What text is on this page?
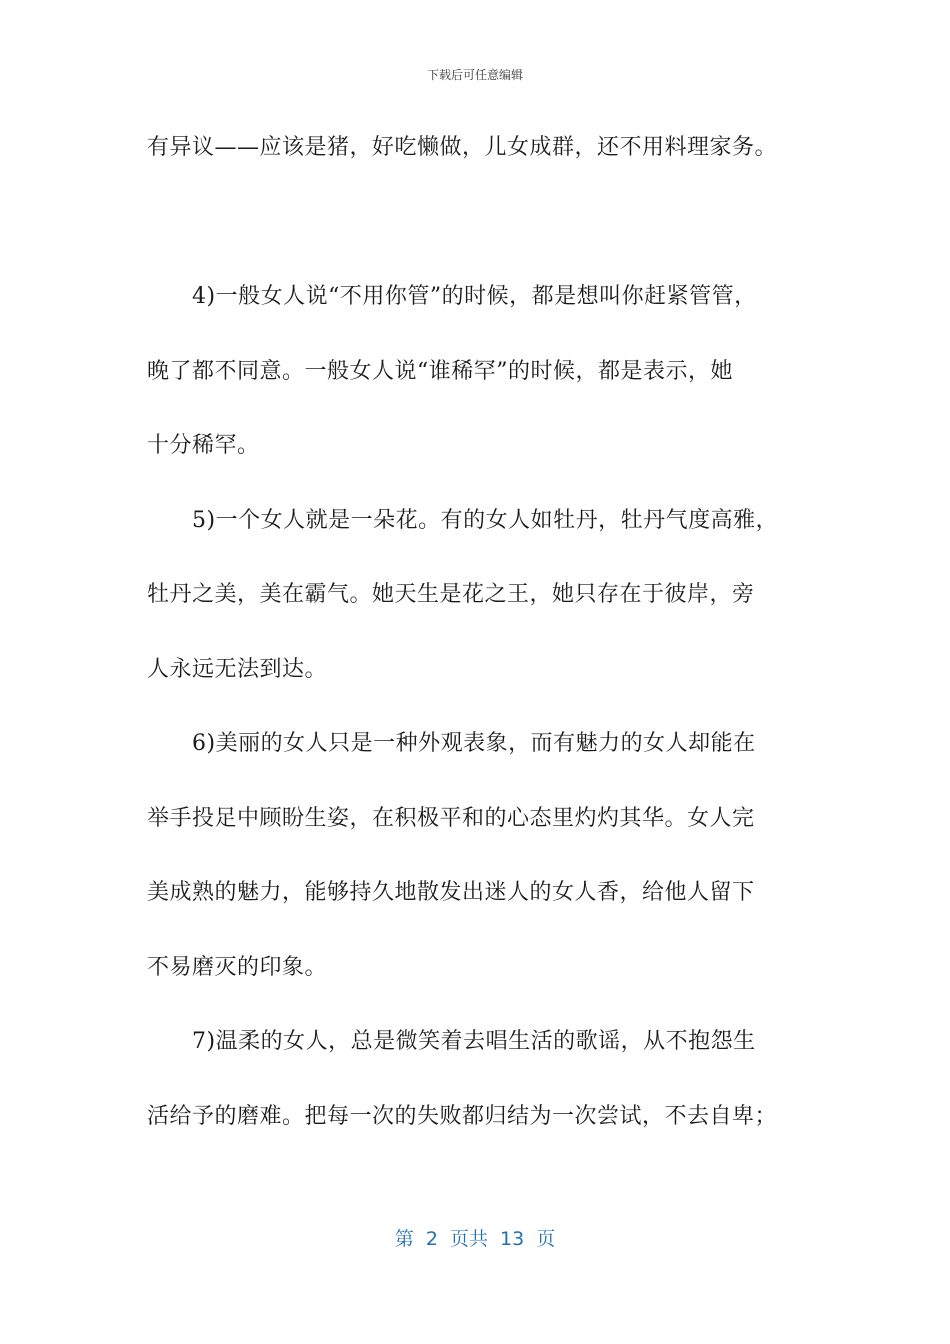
下载后可任意编辑
有异议——应该是猪，好吃懒做，儿女成群，还不用料理家务。
　　4)一般女人说“不用你管”的时候，都是想叫你赶紧管管，
晚了都不同意。一般女人说“谁稀罕”的时候，都是表示，她
十分稀罕。
　　5)一个女人就是一朵花。有的女人如牡丹，牡丹气度高雅，
牡丹之美，美在霸气。她天生是花之王，她只存在于彼岸，旁
人永远无法到达。
　　6)美丽的女人只是一种外观表象，而有魅力的女人却能在
举手投足中顾盼生姿，在积极平和的心态里灼灼其华。女人完
美成熟的魅力，能够持久地散发出迷人的女人香，给他人留下
不易磨灭的印象。
　　7)温柔的女人，总是微笑着去唱生活的歌谣，从不抱怨生
活给予的磨难。把每一次的失败都归结为一次尝试，不去自卑；
第 2 页共 13 页
